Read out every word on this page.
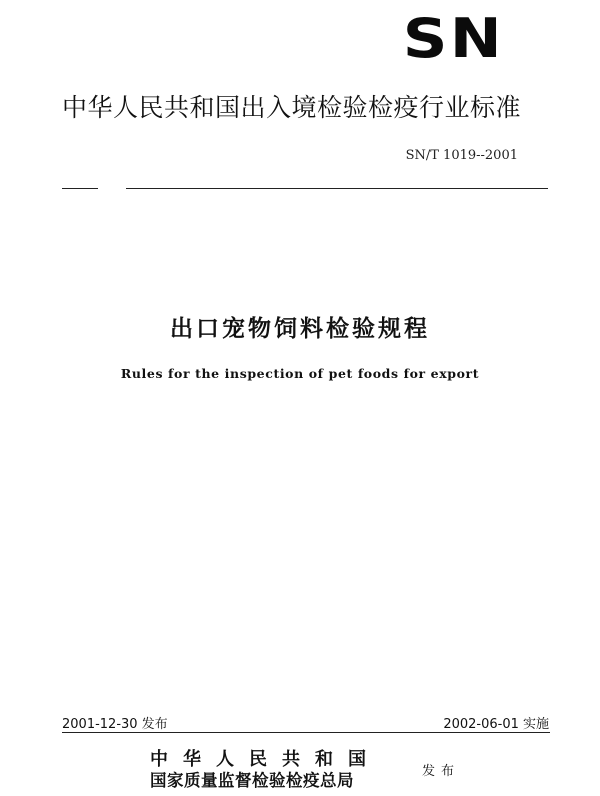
SN
中华人民共和国出入境检验检疫行业标准
SN/T 1019--2001
出口宠物饲料检验规程
Rules for the inspection of pet foods for export
2001-12-30 发布	2002-06-01 实施
中华人民共和国
国家质量监督检验检疫总局	发布
